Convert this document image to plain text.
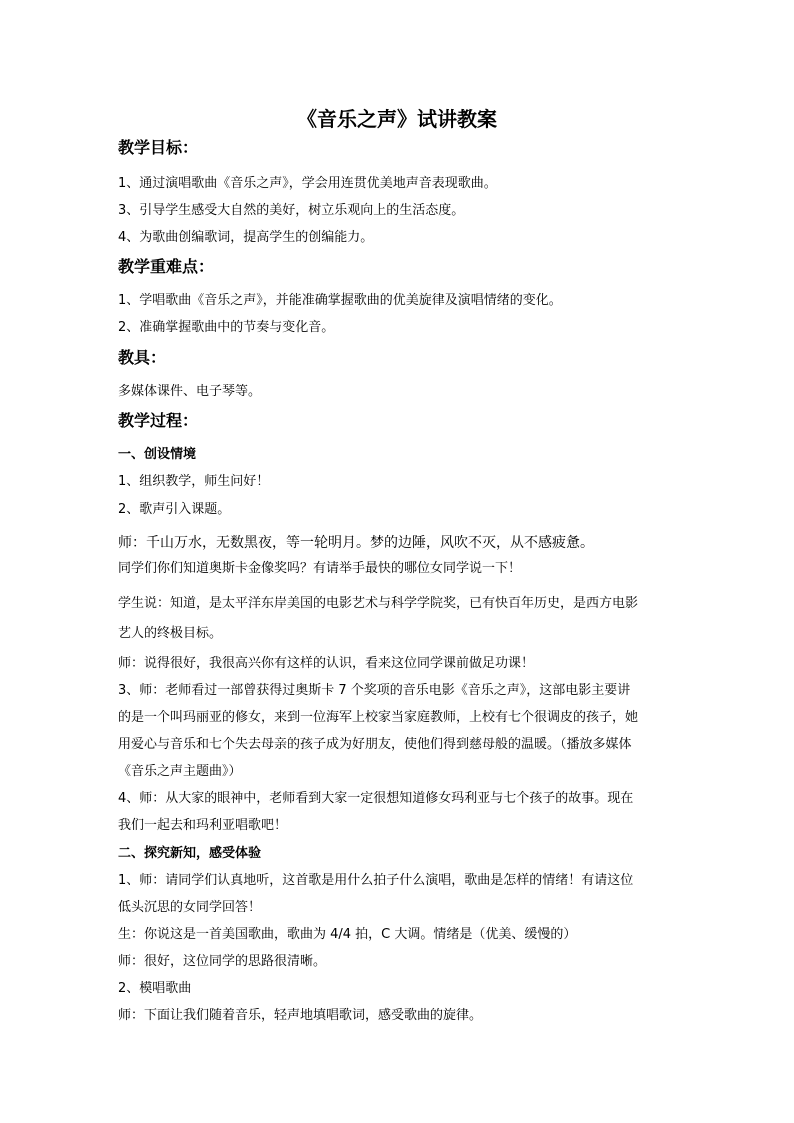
《音乐之声》试讲教案
教学目标：
1、通过演唱歌曲《音乐之声》，学会用连贯优美地声音表现歌曲。
3、引导学生感受大自然的美好，树立乐观向上的生活态度。
4、为歌曲创编歌词，提高学生的创编能力。
教学重难点：
1、学唱歌曲《音乐之声》，并能准确掌握歌曲的优美旋律及演唱情绪的变化。
2、准确掌握歌曲中的节奏与变化音。
教具：
多媒体课件、电子琴等。
教学过程：
一、创设情境
1、组织教学，师生问好！
2、歌声引入课题。
师：千山万水，无数黑夜，等一轮明月。梦的边陲，风吹不灭，从不感疲惫。
同学们你们知道奥斯卡金像奖吗？有请举手最快的哪位女同学说一下！
学生说：知道，是太平洋东岸美国的电影艺术与科学学院奖，已有快百年历史，是西方电影
艺人的终极目标。
师：说得很好，我很高兴你有这样的认识，看来这位同学课前做足功课！
3、师：老师看过一部曾获得过奥斯卡 7 个奖项的音乐电影《音乐之声》，这部电影主要讲
的是一个叫玛丽亚的修女，来到一位海军上校家当家庭教师，上校有七个很调皮的孩子，她
用爱心与音乐和七个失去母亲的孩子成为好朋友，使他们得到慈母般的温暖。（播放多媒体
《音乐之声主题曲》）
4、师：从大家的眼神中，老师看到大家一定很想知道修女玛利亚与七个孩子的故事。现在
我们一起去和玛利亚唱歌吧！
二、探究新知，感受体验
1、师：请同学们认真地听，这首歌是用什么拍子什么演唱，歌曲是怎样的情绪！有请这位
低头沉思的女同学回答！
生：你说这是一首美国歌曲，歌曲为 4/4 拍，C 大调。情绪是（优美、缓慢的）
师：很好，这位同学的思路很清晰。
2、模唱歌曲
师：下面让我们随着音乐，轻声地填唱歌词，感受歌曲的旋律。
